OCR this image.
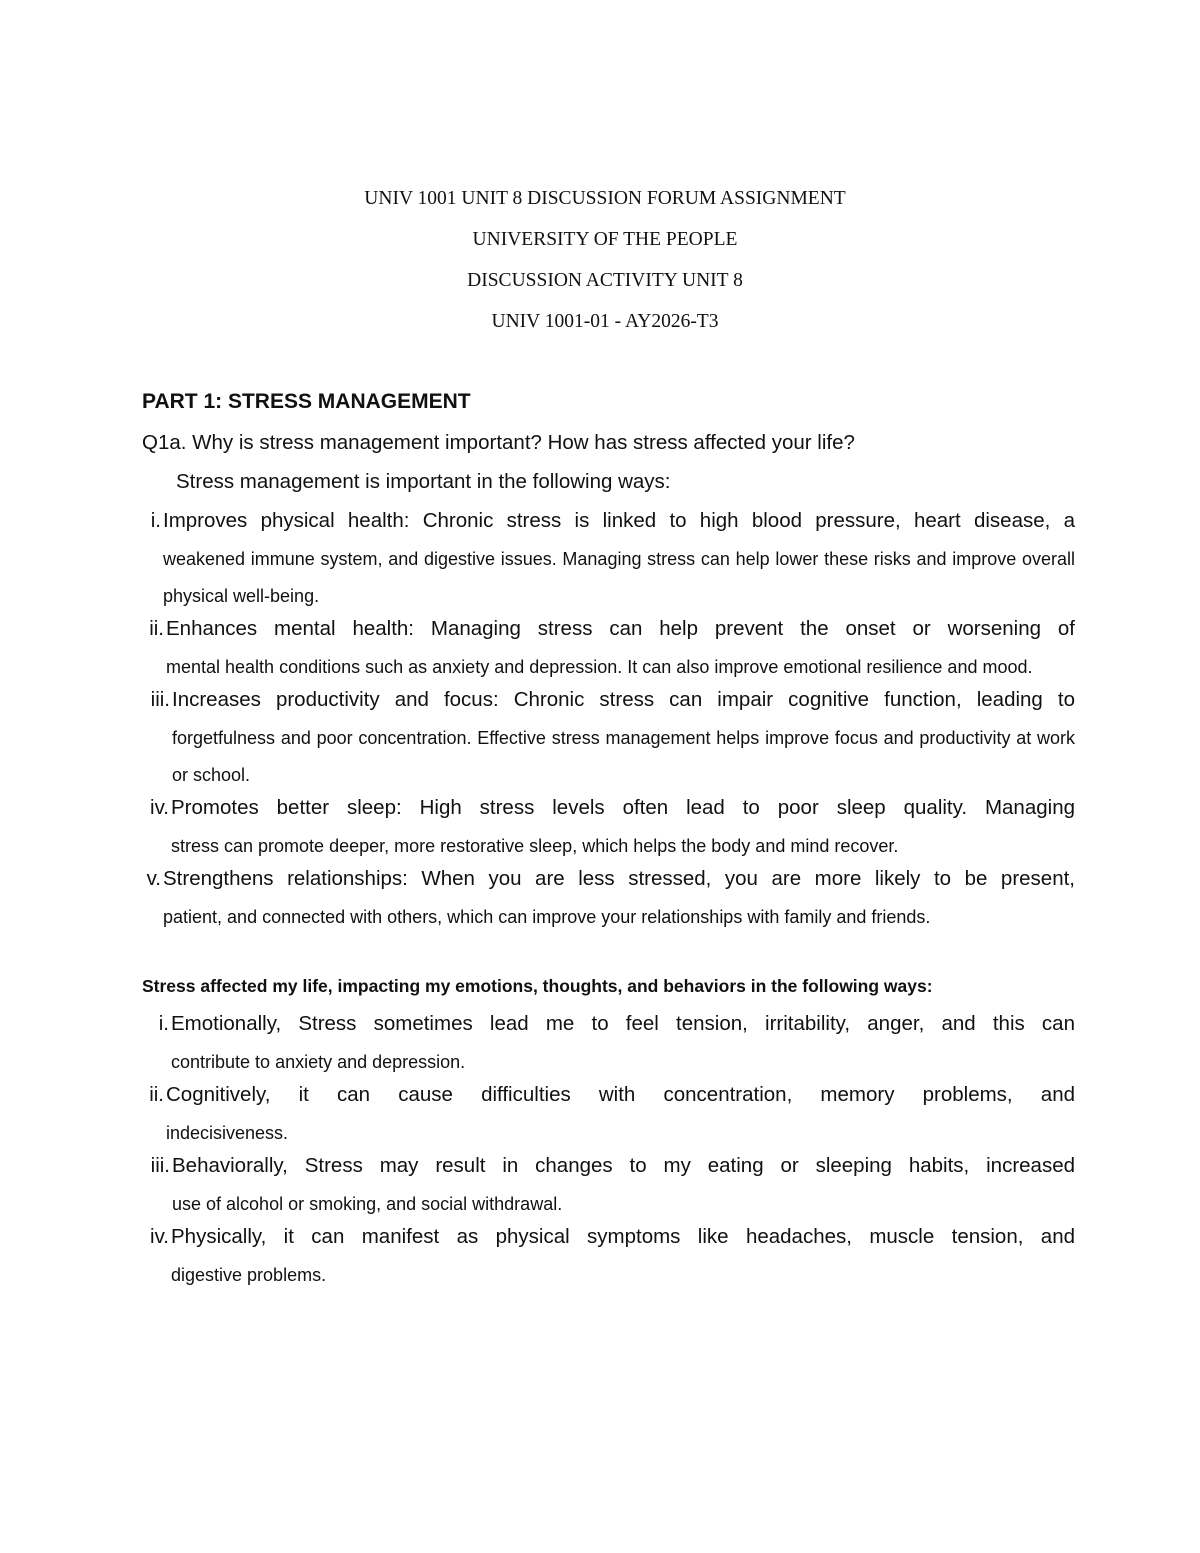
UNIV 1001 UNIT 8 DISCUSSION FORUM ASSIGNMENT
UNIVERSITY OF THE PEOPLE
DISCUSSION ACTIVITY UNIT 8
UNIV 1001-01 - AY2026-T3
PART 1: STRESS MANAGEMENT
Q1a. Why is stress management important? How has stress affected your life?
Stress management is important in the following ways:
i. Improves physical health: Chronic stress is linked to high blood pressure, heart disease, a
weakened immune system, and digestive issues. Managing stress can help lower these risks and improve overall physical well-being.
ii. Enhances mental health: Managing stress can help prevent the onset or worsening of
mental health conditions such as anxiety and depression. It can also improve emotional resilience and mood.
iii. Increases productivity and focus: Chronic stress can impair cognitive function, leading to
forgetfulness and poor concentration. Effective stress management helps improve focus and productivity at work or school.
iv. Promotes better sleep: High stress levels often lead to poor sleep quality. Managing
stress can promote deeper, more restorative sleep, which helps the body and mind recover.
v. Strengthens relationships: When you are less stressed, you are more likely to be present,
patient, and connected with others, which can improve your relationships with family and friends.
Stress affected my life, impacting my emotions, thoughts, and behaviors in the following ways:
i. Emotionally, Stress sometimes lead me to feel tension, irritability, anger, and this can
contribute to anxiety and depression.
ii. Cognitively, it can cause difficulties with concentration, memory problems, and
indecisiveness.
iii. Behaviorally, Stress may result in changes to my eating or sleeping habits, increased
use of alcohol or smoking, and social withdrawal.
iv. Physically, it can manifest as physical symptoms like headaches, muscle tension, and
digestive problems.
